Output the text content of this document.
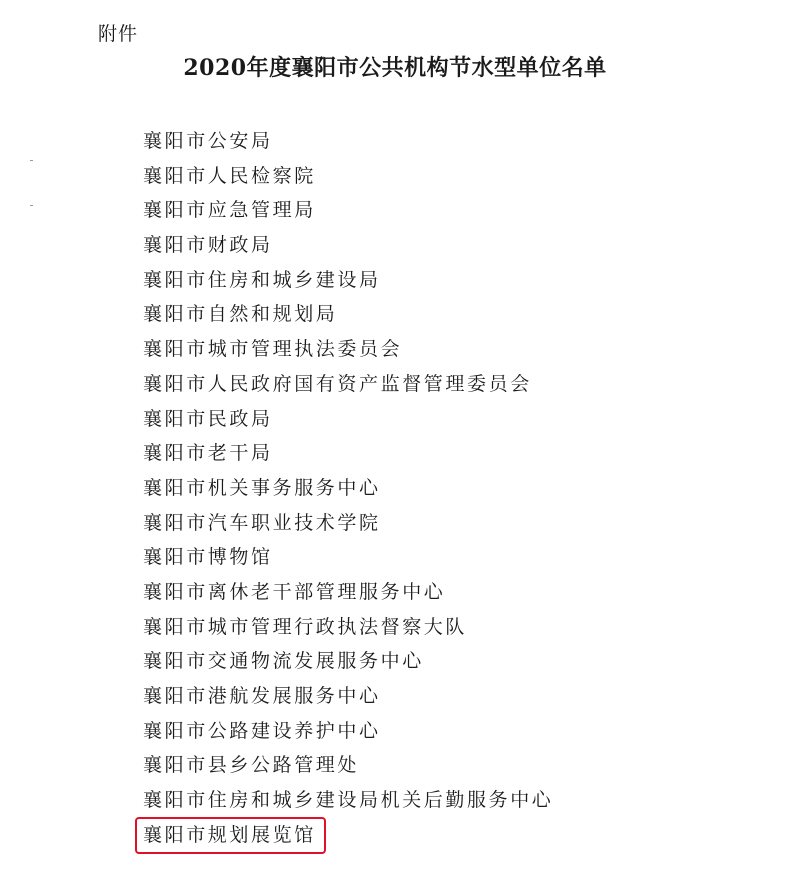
附件
2020年度襄阳市公共机构节水型单位名单
襄阳市公安局
襄阳市人民检察院
襄阳市应急管理局
襄阳市财政局
襄阳市住房和城乡建设局
襄阳市自然和规划局
襄阳市城市管理执法委员会
襄阳市人民政府国有资产监督管理委员会
襄阳市民政局
襄阳市老干局
襄阳市机关事务服务中心
襄阳市汽车职业技术学院
襄阳市博物馆
襄阳市离休老干部管理服务中心
襄阳市城市管理行政执法督察大队
襄阳市交通物流发展服务中心
襄阳市港航发展服务中心
襄阳市公路建设养护中心
襄阳市县乡公路管理处
襄阳市住房和城乡建设局机关后勤服务中心
襄阳市规划展览馆
